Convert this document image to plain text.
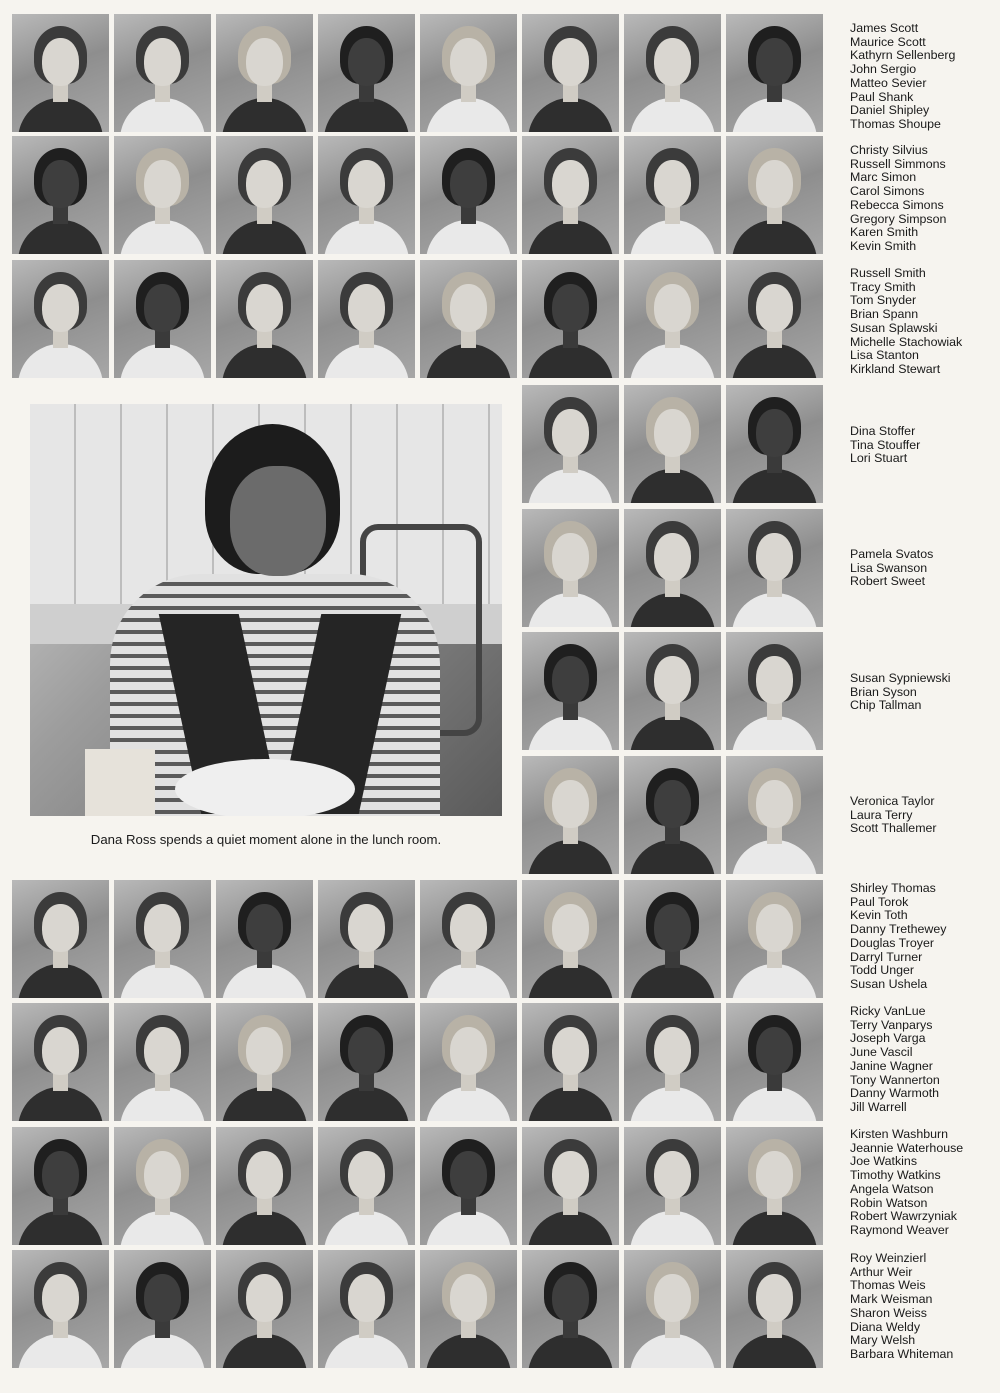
James Scott
Maurice Scott
Kathyrn Sellenberg
John Sergio
Matteo Sevier
Paul Shank
Daniel Shipley
Thomas Shoupe
Christy Silvius
Russell Simmons
Marc Simon
Carol Simons
Rebecca Simons
Gregory Simpson
Karen Smith
Kevin Smith
Russell Smith
Tracy Smith
Tom Snyder
Brian Spann
Susan Splawski
Michelle Stachowiak
Lisa Stanton
Kirkland Stewart
Dina Stoffer
Tina Stouffer
Lori Stuart
Pamela Svatos
Lisa Swanson
Robert Sweet
Susan Sypniewski
Brian Syson
Chip Tallman
Veronica Taylor
Laura Terry
Scott Thallemer
Shirley Thomas
Paul Torok
Kevin Toth
Danny Trethewey
Douglas Troyer
Darryl Turner
Todd Unger
Susan Ushela
Ricky VanLue
Terry Vanparys
Joseph Varga
June Vascil
Janine Wagner
Tony Wannerton
Danny Warmoth
Jill Warrell
Kirsten Washburn
Jeannie Waterhouse
Joe Watkins
Timothy Watkins
Angela Watson
Robin Watson
Robert Wawrzyniak
Raymond Weaver
Roy Weinzierl
Arthur Weir
Thomas Weis
Mark Weisman
Sharon Weiss
Diana Weldy
Mary Welsh
Barbara Whiteman
Dana Ross spends a quiet moment alone in the lunch room.
